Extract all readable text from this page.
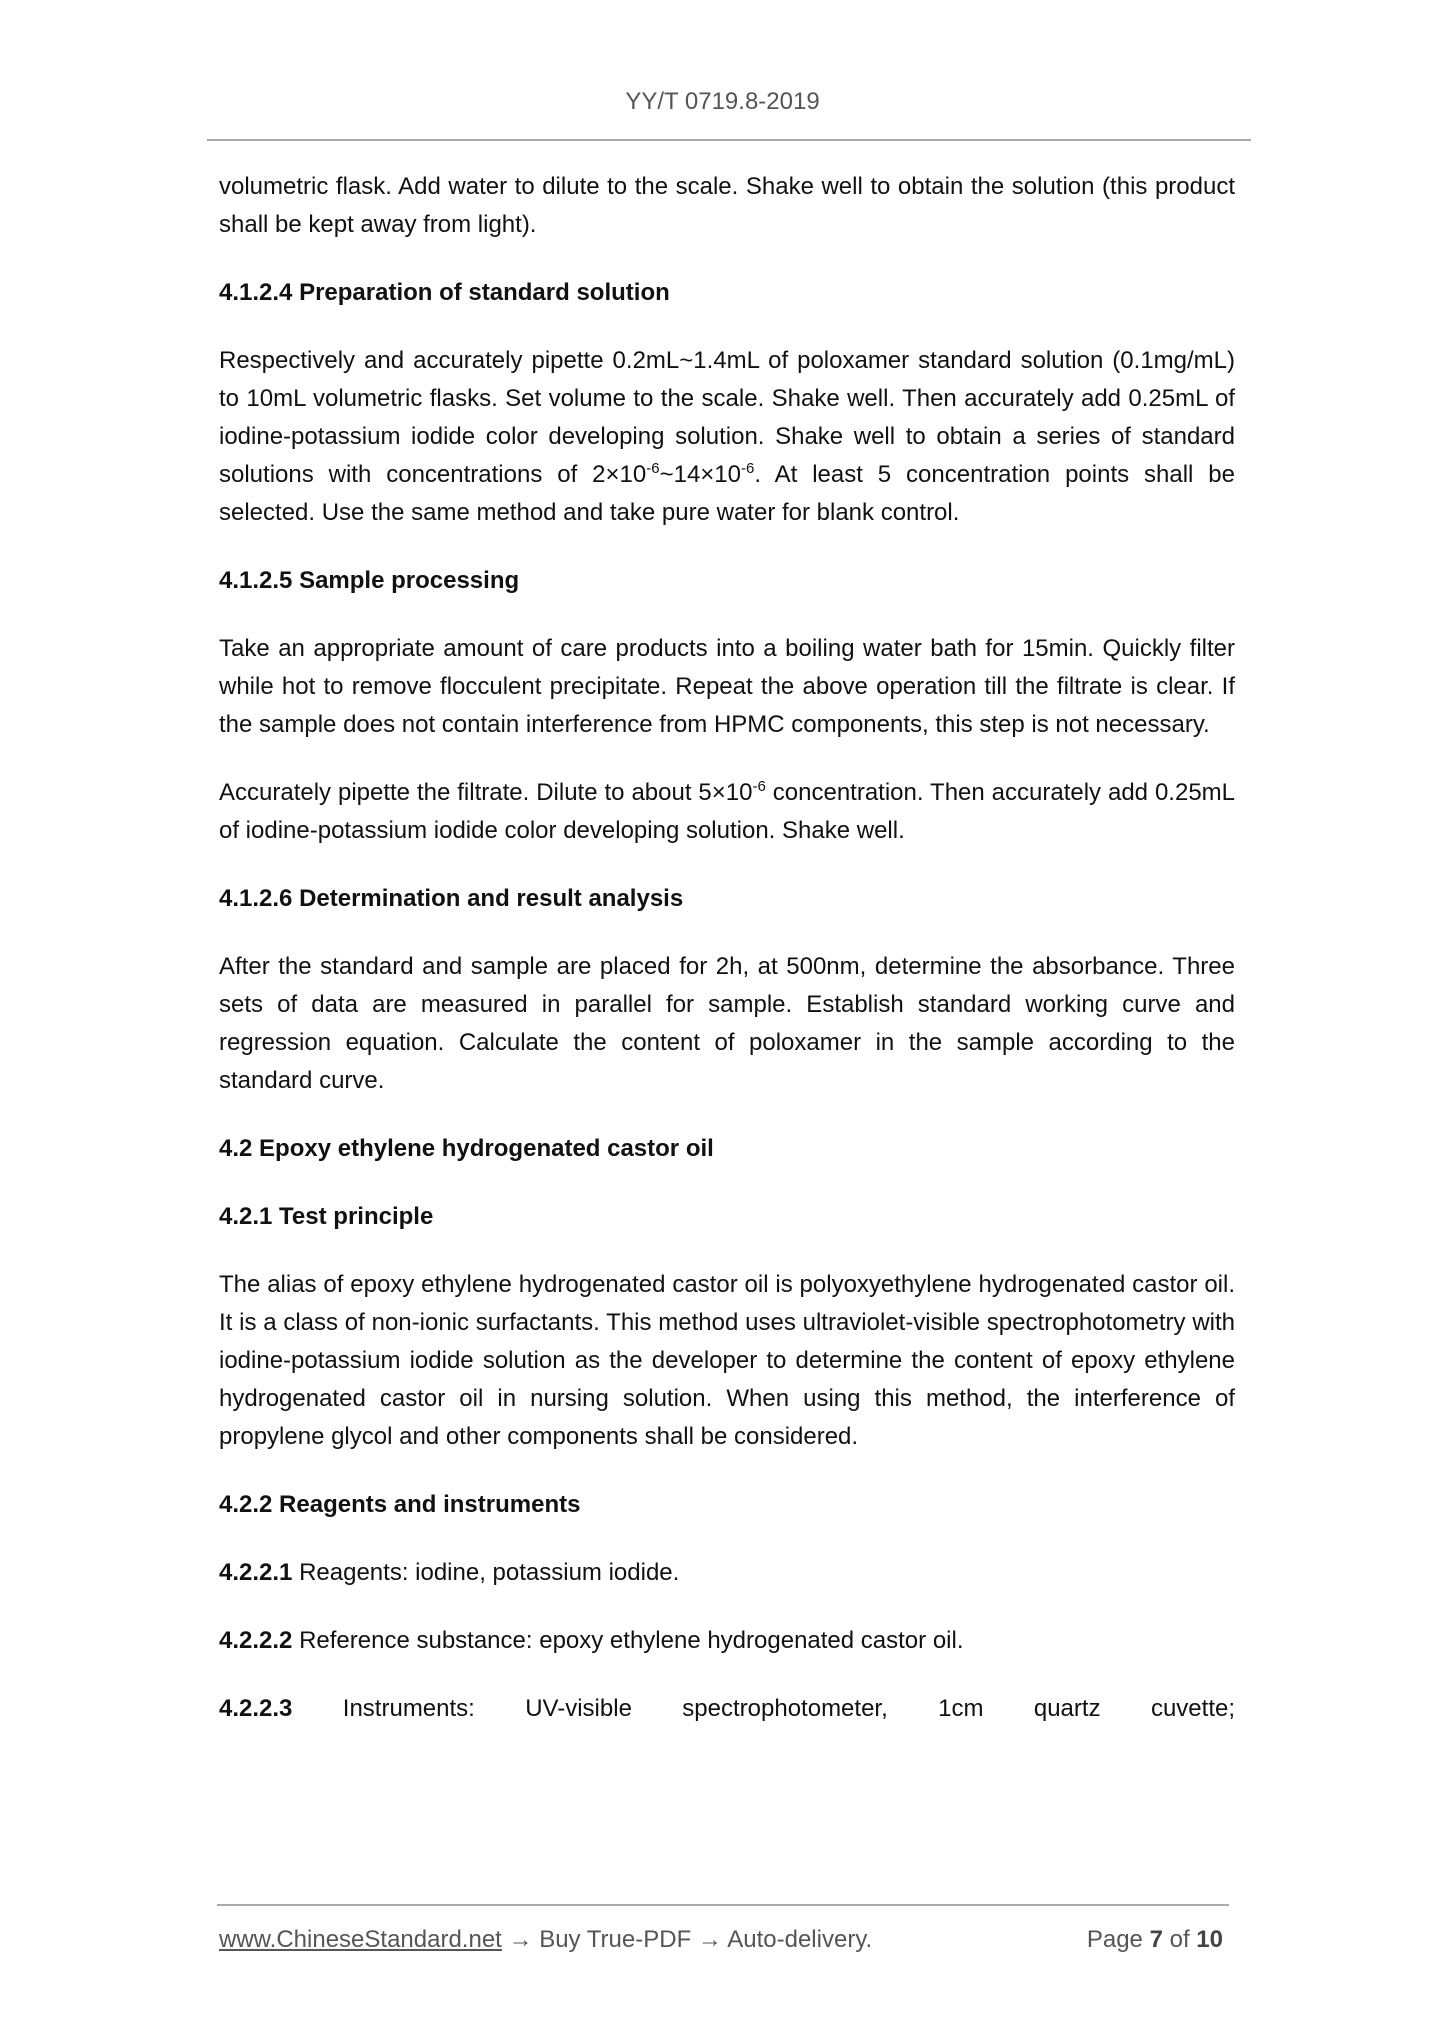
YY/T 0719.8-2019

volumetric flask. Add water to dilute to the scale. Shake well to obtain the solution (this product shall be kept away from light).

4.1.2.4 Preparation of standard solution

Respectively and accurately pipette 0.2mL~1.4mL of poloxamer standard solution (0.1mg/mL) to 10mL volumetric flasks. Set volume to the scale. Shake well. Then accurately add 0.25mL of iodine-potassium iodide color developing solution. Shake well to obtain a series of standard solutions with concentrations of $2\times 10^{-6}\sim 14\times 10^{-6}$. At least 5 concentration points shall be selected. Use the same method and take pure water for blank control.

4.1.2.5 Sample processing

Take an appropriate amount of care products into a boiling water bath for 15min. Quickly filter while hot to remove flocculent precipitate. Repeat the above operation till the filtrate is clear. If the sample does not contain interference from HPMC components, this step is not necessary.

Accurately pipette the filtrate. Dilute to about $5\times 10^{-6}$ concentration. Then accurately add 0.25mL of iodine-potassium iodide color developing solution. Shake well.

4.1.2.6 Determination and result analysis

After the standard and sample are placed for 2h, at 500nm, determine the absorbance. Three sets of data are measured in parallel for sample. Establish standard working curve and regression equation. Calculate the content of poloxamer in the sample according to the standard curve.

4.2 Epoxy ethylene hydrogenated castor oil
4.2.1 Test principle

The alias of epoxy ethylene hydrogenated castor oil is polyoxyethylene hydrogenated castor oil. It is a class of non-ionic surfactants. This method uses ultraviolet-visible spectrophotometry with iodine-potassium iodide solution as the developer to determine the content of epoxy ethylene hydrogenated castor oil in nursing solution. When using this method, the interference of propylene glycol and other components shall be considered.

4.2.2 Reagents and instruments

4.2.2.1 Reagents: iodine, potassium iodide.

4.2.2.2 Reference substance: epoxy ethylene hydrogenated castor oil.

4.2.2.3 Instruments: UV-visible spectrophotometer, 1cm quartz cuvette;

www.ChineseStandard.net → Buy True-PDF → Auto-delivery.	Page 7 of 10
